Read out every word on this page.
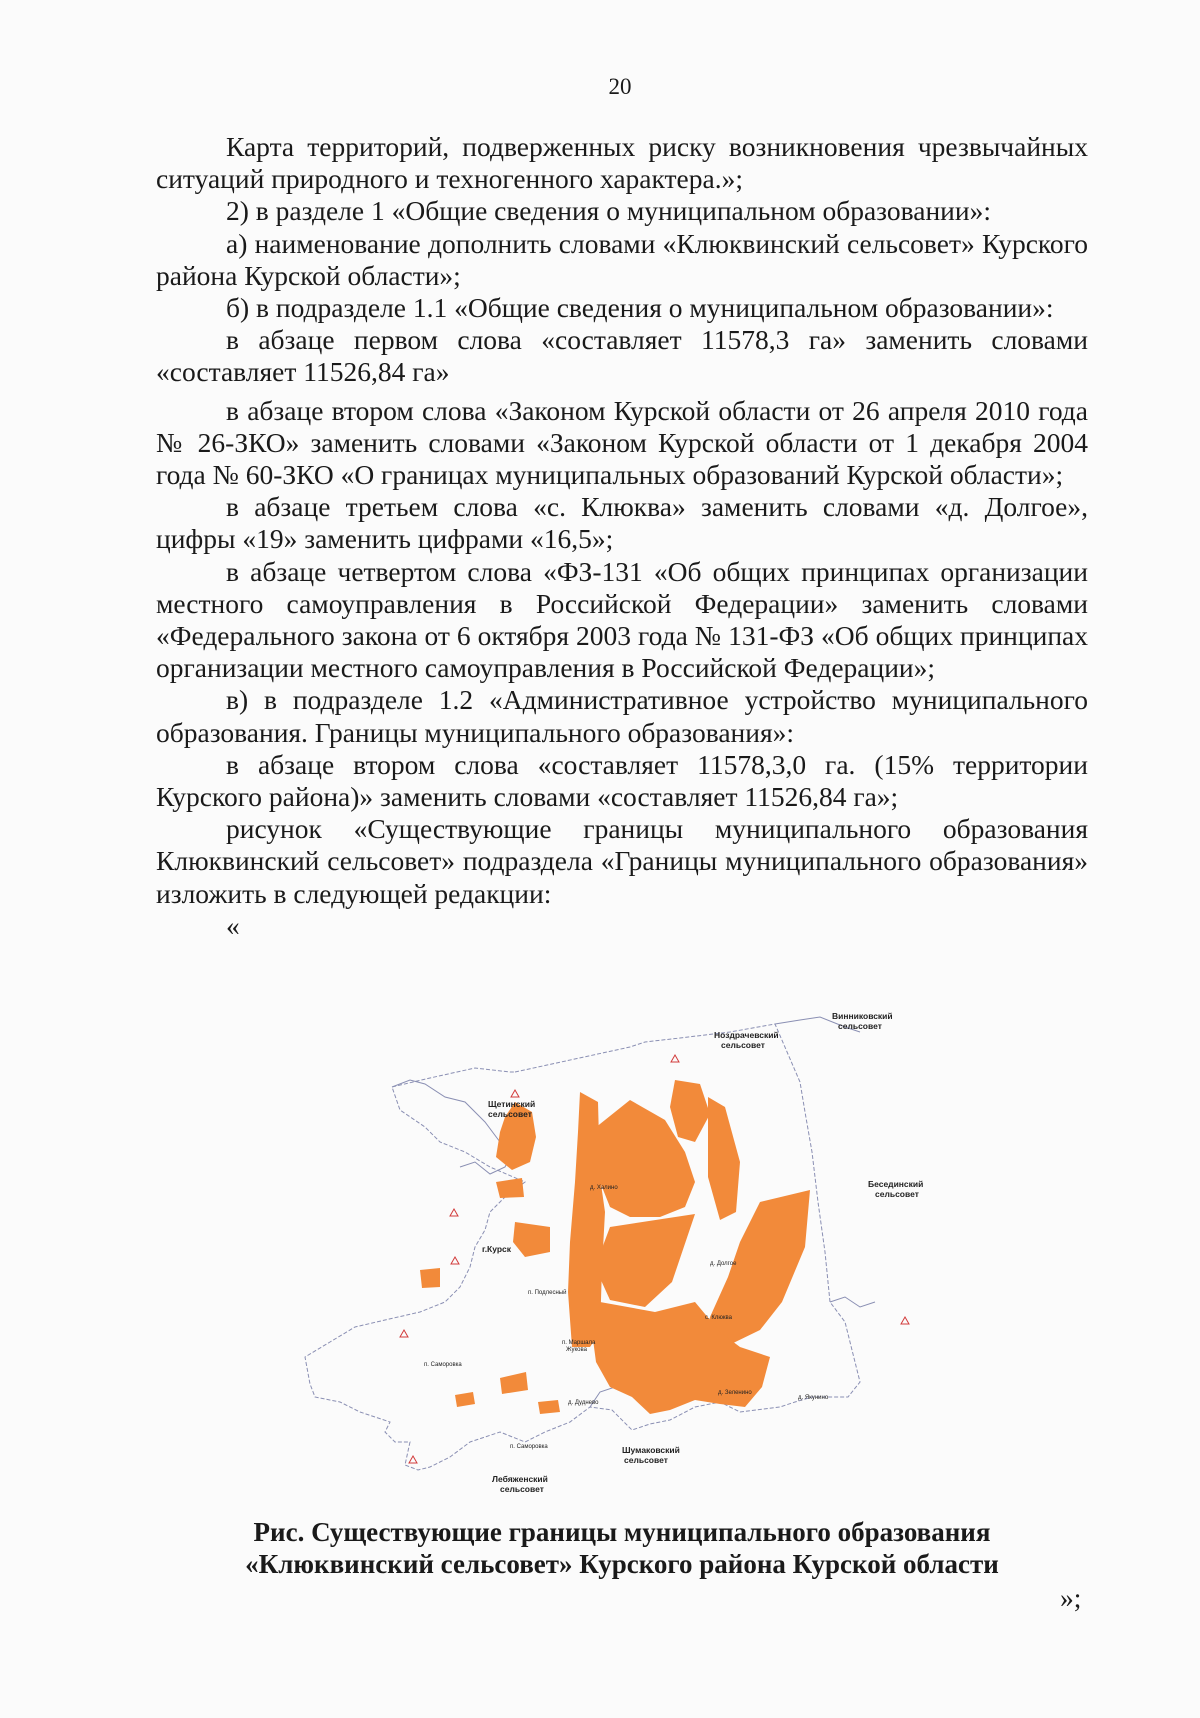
20

Карта территорий, подверженных риску возникновения чрезвычайных ситуаций природного и техногенного характера.»;

2) в разделе 1 «Общие сведения о муниципальном образовании»:

а) наименование дополнить словами «Клюквинский сельсовет» Курского района Курской области»;

б) в подразделе 1.1 «Общие сведения о муниципальном образовании»:

в абзаце первом слова «составляет 11578,3 га» заменить словами «составляет 11526,84 га»

в абзаце втором слова «Законом Курской области от 26 апреля 2010 года № 26-ЗКО» заменить словами «Законом Курской области от 1 декабря 2004 года № 60-ЗКО «О границах муниципальных образований Курской области»;

в абзаце третьем слова «с. Клюква» заменить словами «д. Долгое», цифры «19» заменить цифрами «16,5»;

в абзаце четвертом слова «ФЗ-131 «Об общих принципах организации местного самоуправления в Российской Федерации» заменить словами «Федерального закона от 6 октября 2003 года № 131-ФЗ «Об общих принципах организации местного самоуправления в Российской Федерации»;

в) в подразделе 1.2 «Административное устройство муниципального образования. Границы муниципального образования»:

в абзаце втором слова «составляет 11578,3,0 га. (15% территории Курского района)» заменить словами «составляет 11526,84 га»;

рисунок «Существующие границы муниципального образования Клюквинский сельсовет» подраздела «Границы муниципального образования» изложить в следующей редакции:

«

Винниковский
сельсовет
Ноздрачевский
сельсовет
Щетинский
сельсовет
Бесединский
сельсовет
г.Курск
Шумаковский
сельсовет
Лебяженский
сельсовет
д. Халино
д. Долгое
п. Подлесный
с. Клюква
п. Маршала
Жукова
п. Саморовка
д. Дуднево
д. Зеленино
д. Якунино
п. Саморовка
Рис. Существующие границы муниципального образования
«Клюквинский сельсовет» Курского района Курской области
»;
